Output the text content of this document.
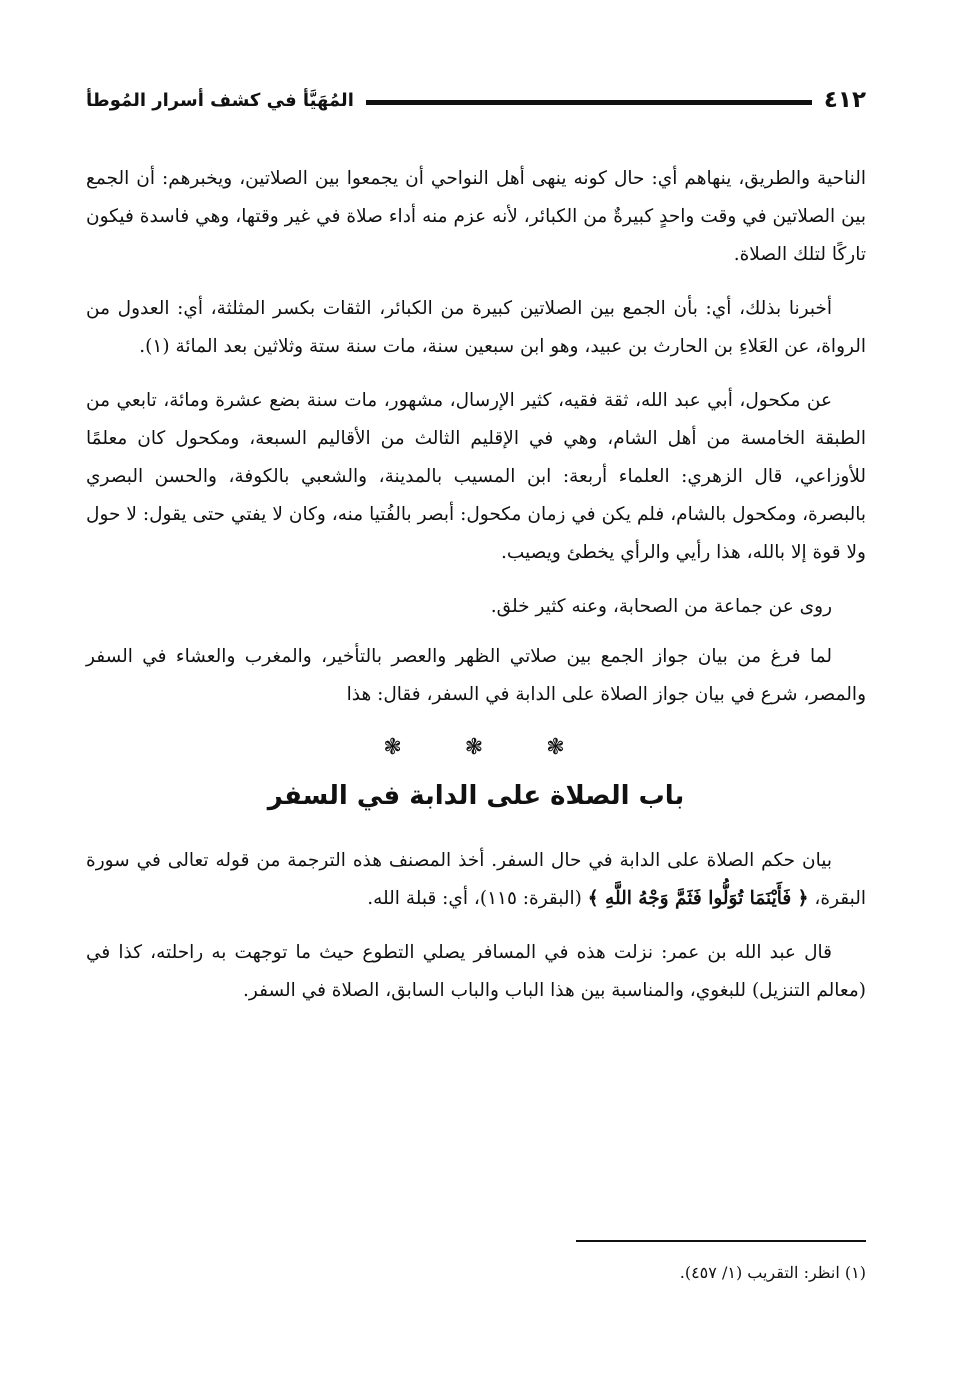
٤١٢
المُهَيَّأ في كشف أسرار المُوطأ

الناحية والطريق، ينهاهم أي: حال كونه ينهى أهل النواحي أن يجمعوا بين الصلاتين، ويخبرهم: أن الجمع بين الصلاتين في وقت واحدٍ كبيرةٌ من الكبائر، لأنه عزم منه أداء صلاة في غير وقتها، وهي فاسدة فيكون تاركًا لتلك الصلاة.

أخبرنا بذلك، أي: بأن الجمع بين الصلاتين كبيرة من الكبائر، الثقات بكسر المثلثة، أي: العدول من الرواة، عن العَلاءِ بن الحارث بن عبيد، وهو ابن سبعين سنة، مات سنة ستة وثلاثين بعد المائة (١).

عن مكحول، أبي عبد الله، ثقة فقيه، كثير الإرسال، مشهور، مات سنة بضع عشرة ومائة، تابعي من الطبقة الخامسة من أهل الشام، وهي في الإقليم الثالث من الأقاليم السبعة، ومكحول كان معلمًا للأوزاعي، قال الزهري: العلماء أربعة: ابن المسيب بالمدينة، والشعبي بالكوفة، والحسن البصري بالبصرة، ومكحول بالشام، فلم يكن في زمان مكحول: أبصر بالفُتيا منه، وكان لا يفتي حتى يقول: لا حول ولا قوة إلا بالله، هذا رأيي والرأي يخطئ ويصيب.

روى عن جماعة من الصحابة، وعنه كثير خلق.

لما فرغ من بيان جواز الجمع بين صلاتي الظهر والعصر بالتأخير، والمغرب والعشاء في السفر والمصر، شرع في بيان جواز الصلاة على الدابة في السفر، فقال: هذا

❃ ❃ ❃
باب الصلاة على الدابة في السفر

بيان حكم الصلاة على الدابة في حال السفر. أخذ المصنف هذه الترجمة من قوله تعالى في سورة البقرة، ﴿ فَأَيْنَمَا تُوَلُّوا فَثَمَّ وَجْهُ اللَّهِ ﴾ (البقرة: ١١٥)، أي: قبلة الله.

قال عبد الله بن عمر: نزلت هذه في المسافر يصلي التطوع حيث ما توجهت به راحلته، كذا في (معالم التنزيل) للبغوي، والمناسبة بين هذا الباب والباب السابق، الصلاة في السفر.

(١) انظر: التقريب (١/ ٤٥٧).
